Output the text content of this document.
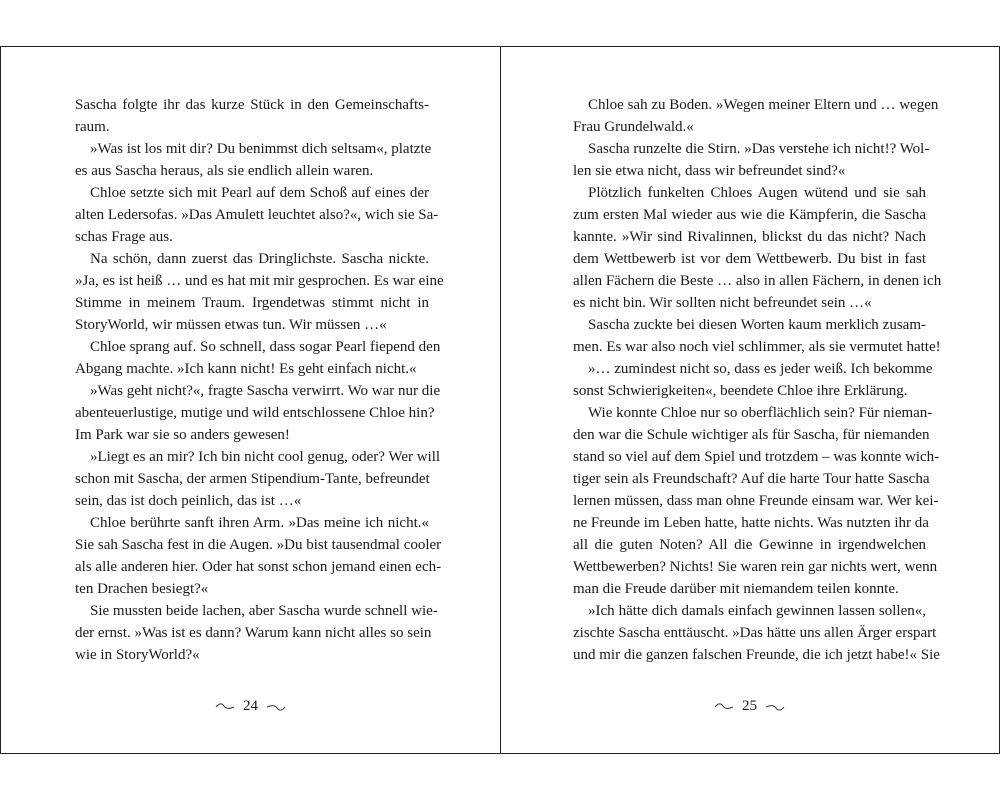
Sascha folgte ihr das kurze Stück in den Gemeinschafts-
raum.
»Was ist los mit dir? Du benimmst dich seltsam«, platzte
es aus Sascha heraus, als sie endlich allein waren.
Chloe setzte sich mit Pearl auf dem Schoß auf eines der
alten Ledersofas. »Das Amulett leuchtet also?«, wich sie Sa-
schas Frage aus.
Na schön, dann zuerst das Dringlichste. Sascha nickte.
»Ja, es ist heiß … und es hat mit mir gesprochen. Es war eine
Stimme in meinem Traum. Irgendetwas stimmt nicht in
StoryWorld, wir müssen etwas tun. Wir müssen …«
Chloe sprang auf. So schnell, dass sogar Pearl fiepend den
Abgang machte. »Ich kann nicht! Es geht einfach nicht.«
»Was geht nicht?«, fragte Sascha verwirrt. Wo war nur die
abenteuerlustige, mutige und wild entschlossene Chloe hin?
Im Park war sie so anders gewesen!
»Liegt es an mir? Ich bin nicht cool genug, oder? Wer will
schon mit Sascha, der armen Stipendium-Tante, befreundet
sein, das ist doch peinlich, das ist …«
Chloe berührte sanft ihren Arm. »Das meine ich nicht.«
Sie sah Sascha fest in die Augen. »Du bist tausendmal cooler
als alle anderen hier. Oder hat sonst schon jemand einen ech-
ten Drachen besiegt?«
Sie mussten beide lachen, aber Sascha wurde schnell wie-
der ernst. »Was ist es dann? Warum kann nicht alles so sein
wie in StoryWorld?«
24
Chloe sah zu Boden. »Wegen meiner Eltern und … wegen
Frau Grundelwald.«
Sascha runzelte die Stirn. »Das verstehe ich nicht!? Wol-
len sie etwa nicht, dass wir befreundet sind?«
Plötzlich funkelten Chloes Augen wütend und sie sah
zum ersten Mal wieder aus wie die Kämpferin, die Sascha
kannte. »Wir sind Rivalinnen, blickst du das nicht? Nach
dem Wettbewerb ist vor dem Wettbewerb. Du bist in fast
allen Fächern die Beste … also in allen Fächern, in denen ich
es nicht bin. Wir sollten nicht befreundet sein …«
Sascha zuckte bei diesen Worten kaum merklich zusam-
men. Es war also noch viel schlimmer, als sie vermutet hatte!
»… zumindest nicht so, dass es jeder weiß. Ich bekomme
sonst Schwierigkeiten«, beendete Chloe ihre Erklärung.
Wie konnte Chloe nur so oberflächlich sein? Für nieman-
den war die Schule wichtiger als für Sascha, für niemanden
stand so viel auf dem Spiel und trotzdem – was konnte wich-
tiger sein als Freundschaft? Auf die harte Tour hatte Sascha
lernen müssen, dass man ohne Freunde einsam war. Wer kei-
ne Freunde im Leben hatte, hatte nichts. Was nutzten ihr da
all die guten Noten? All die Gewinne in irgendwelchen
Wettbewerben? Nichts! Sie waren rein gar nichts wert, wenn
man die Freude darüber mit niemandem teilen konnte.
»Ich hätte dich damals einfach gewinnen lassen sollen«,
zischte Sascha enttäuscht. »Das hätte uns allen Ärger erspart
und mir die ganzen falschen Freunde, die ich jetzt habe!« Sie
25
